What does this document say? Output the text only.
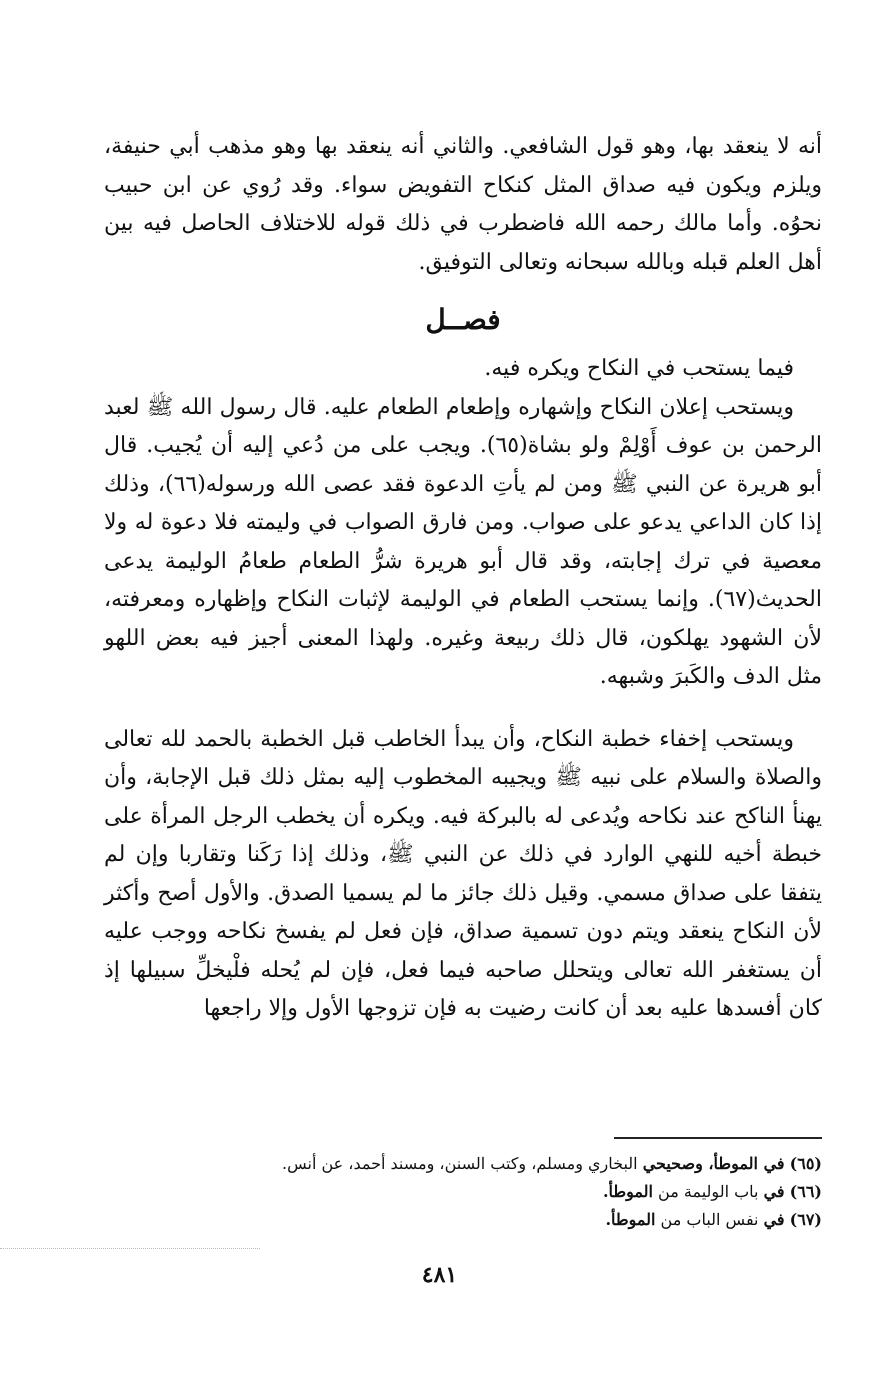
أنه لا ينعقد بها، وهو قول الشافعي. والثاني أنه ينعقد بها وهو مذهب أبي حنيفة، ويلزم ويكون فيه صداق المثل كنكاح التفويض سواء. وقد رُوي عن ابن حبيب نحوُه. وأما مالك رحمه الله فاضطرب في ذلك قوله للاختلاف الحاصل فيه بين أهل العلم قبله وبالله سبحانه وتعالى التوفيق.

فصــل

فيما يستحب في النكاح ويكره فيه.

ويستحب إعلان النكاح وإشهاره وإطعام الطعام عليه. قال رسول الله ﷺ لعبد الرحمن بن عوف أَوْلِمْ ولو بشاة(٦٥). ويجب على من دُعي إليه أن يُجيب. قال أبو هريرة عن النبي ﷺ ومن لم يأتِ الدعوة فقد عصى الله ورسوله(٦٦)، وذلك إذا كان الداعي يدعو على صواب. ومن فارق الصواب في وليمته فلا دعوة له ولا معصية في ترك إجابته، وقد قال أبو هريرة شرُّ الطعام طعامُ الوليمة يدعى الحديث(٦٧). وإنما يستحب الطعام في الوليمة لإثبات النكاح وإظهاره ومعرفته، لأن الشهود يهلكون، قال ذلك ربيعة وغيره. ولهذا المعنى أجيز فيه بعض اللهو مثل الدف والكَبرَ وشبهه.

ويستحب إخفاء خطبة النكاح، وأن يبدأ الخاطب قبل الخطبة بالحمد لله تعالى والصلاة والسلام على نبيه ﷺ ويجيبه المخطوب إليه بمثل ذلك قبل الإجابة، وأن يهنأ الناكح عند نكاحه ويُدعى له بالبركة فيه. ويكره أن يخطب الرجل المرأة على خبطة أخيه للنهي الوارد في ذلك عن النبي ﷺ، وذلك إذا رَكَنا وتقاربا وإن لم يتفقا على صداق مسمي. وقيل ذلك جائز ما لم يسميا الصدق. والأول أصح وأكثر لأن النكاح ينعقد ويتم دون تسمية صداق، فإن فعل لم يفسخ نكاحه ووجب عليه أن يستغفر الله تعالى ويتحلل صاحبه فيما فعل، فإن لم يُحله فلْيخلِّ سبيلها إذ كان أفسدها عليه بعد أن كانت رضيت به فإن تزوجها الأول وإلا راجعها

(٦٥) في الموطأ، وصحيحي البخاري ومسلم، وكتب السنن، ومسند أحمد، عن أنس.

(٦٦) في باب الوليمة من الموطأ.

(٦٧) في نفس الباب من الموطأ.

٤٨١
